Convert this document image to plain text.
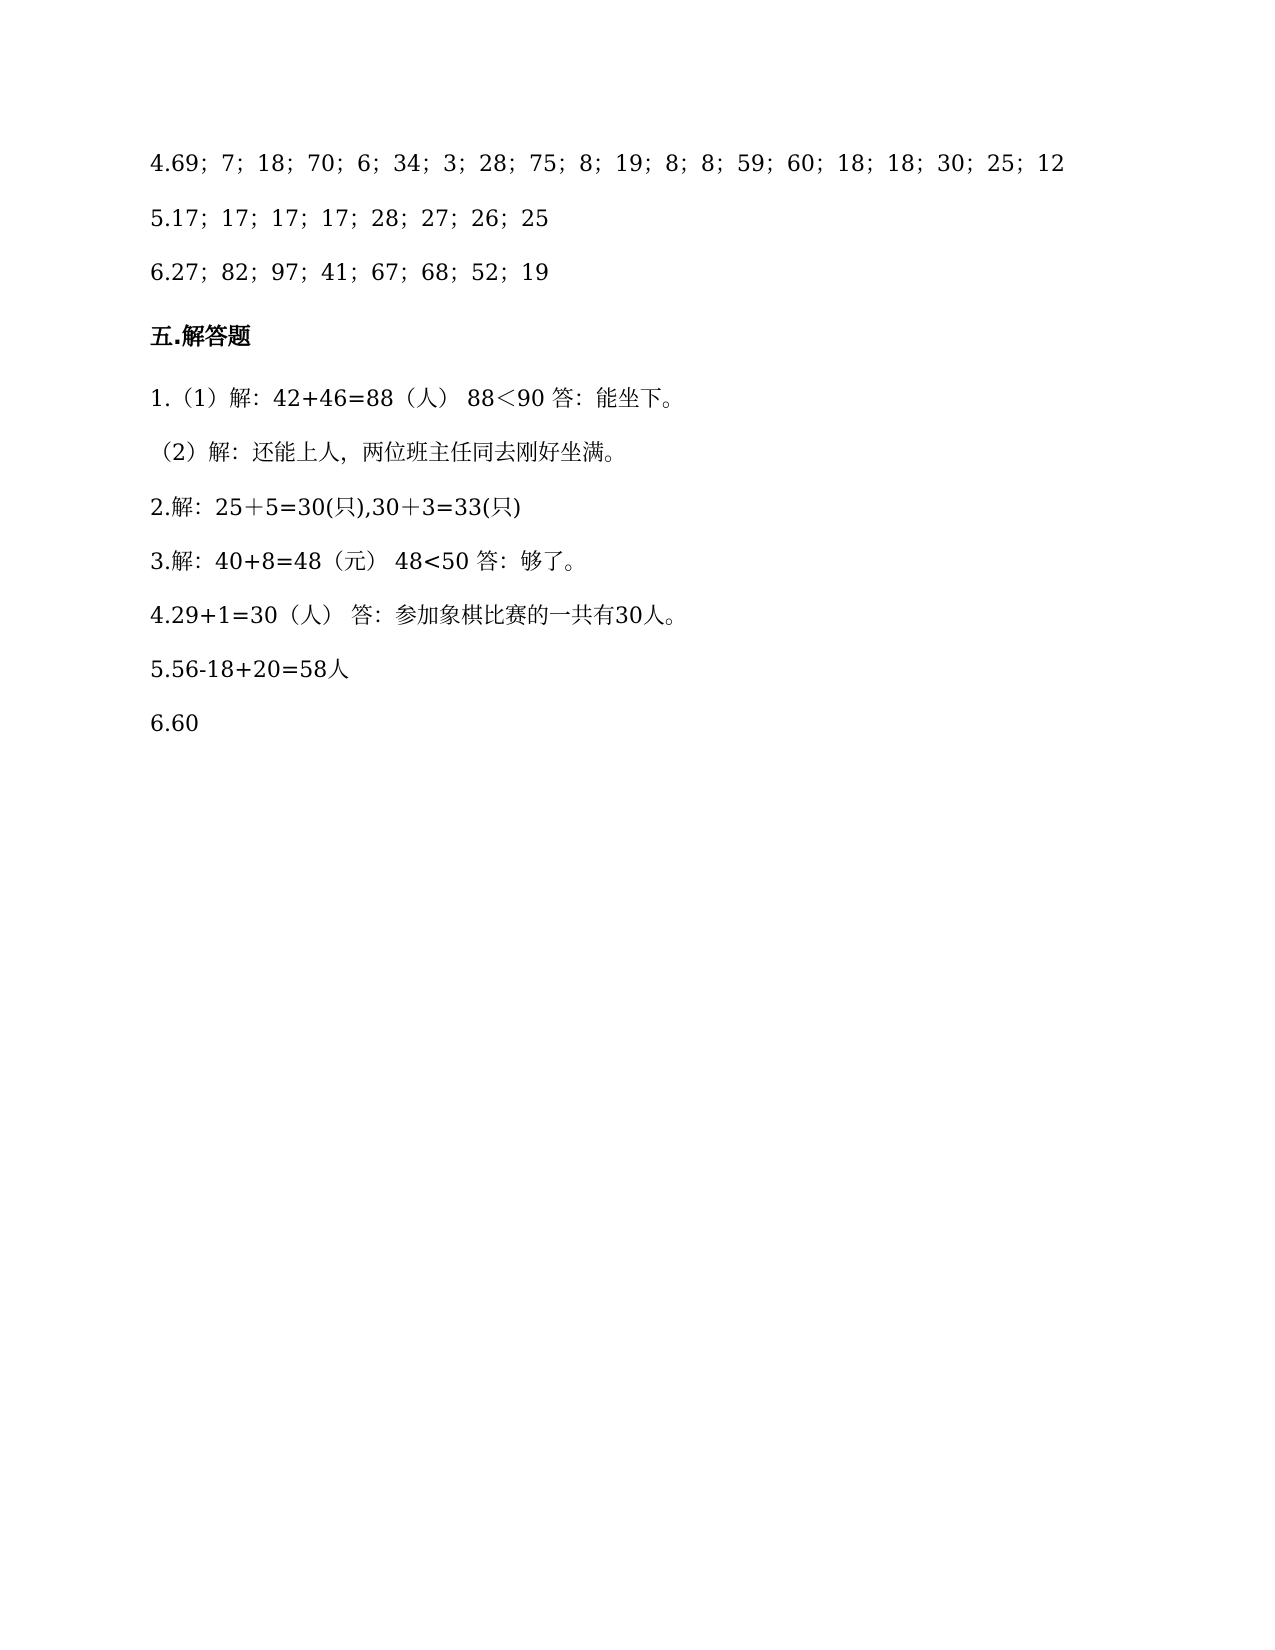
4.69；7；18；70；6；34；3；28；75；8；19；8；8；59；60；18；18；30；25；12
5.17；17；17；17；28；27；26；25
6.27；82；97；41；67；68；52；19
五.解答题
1.（1）解：42+46=88（人） 88＜90 答：能坐下。
（2）解：还能上人，两位班主任同去刚好坐满。
2.解：25＋5=30(只),30＋3=33(只)
3.解：40+8=48（元） 48<50 答：够了。
4.29+1=30（人） 答：参加象棋比赛的一共有30人。
5.56-18+20=58人
6.60
